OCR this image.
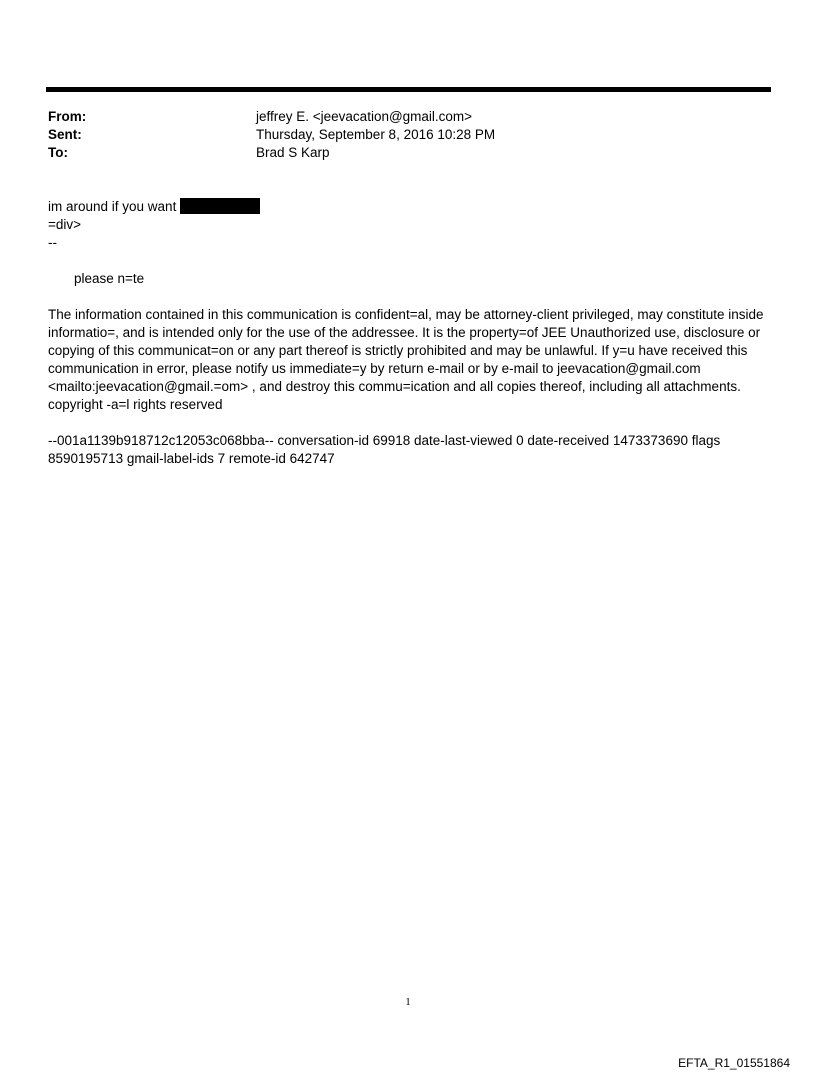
From:	jeffrey E. <jeevacation@gmail.com>
Sent:	Thursday, September 8, 2016 10:28 PM
To:	Brad S Karp
im around if you want
=div>
--
please n=te
The information contained in this communication is confident=al, may be attorney-client privileged, may constitute inside informatio=, and is intended only for the use of the addressee. It is the property=of JEE Unauthorized use, disclosure or copying of this communicat=on or any part thereof is strictly prohibited and may be unlawful. If y=u have received this communication in error, please notify us immediate=y by return e-mail or by e-mail to jeevacation@gmail.com <mailto:jeevacation@gmail.=om> , and destroy this commu=ication and all copies thereof, including all attachments. copyright -a=l rights reserved
--001a1139b918712c12053c068bba-- conversation-id 69918 date-last-viewed 0 date-received 1473373690 flags 8590195713 gmail-label-ids 7 remote-id 642747
1
EFTA_R1_01551864
